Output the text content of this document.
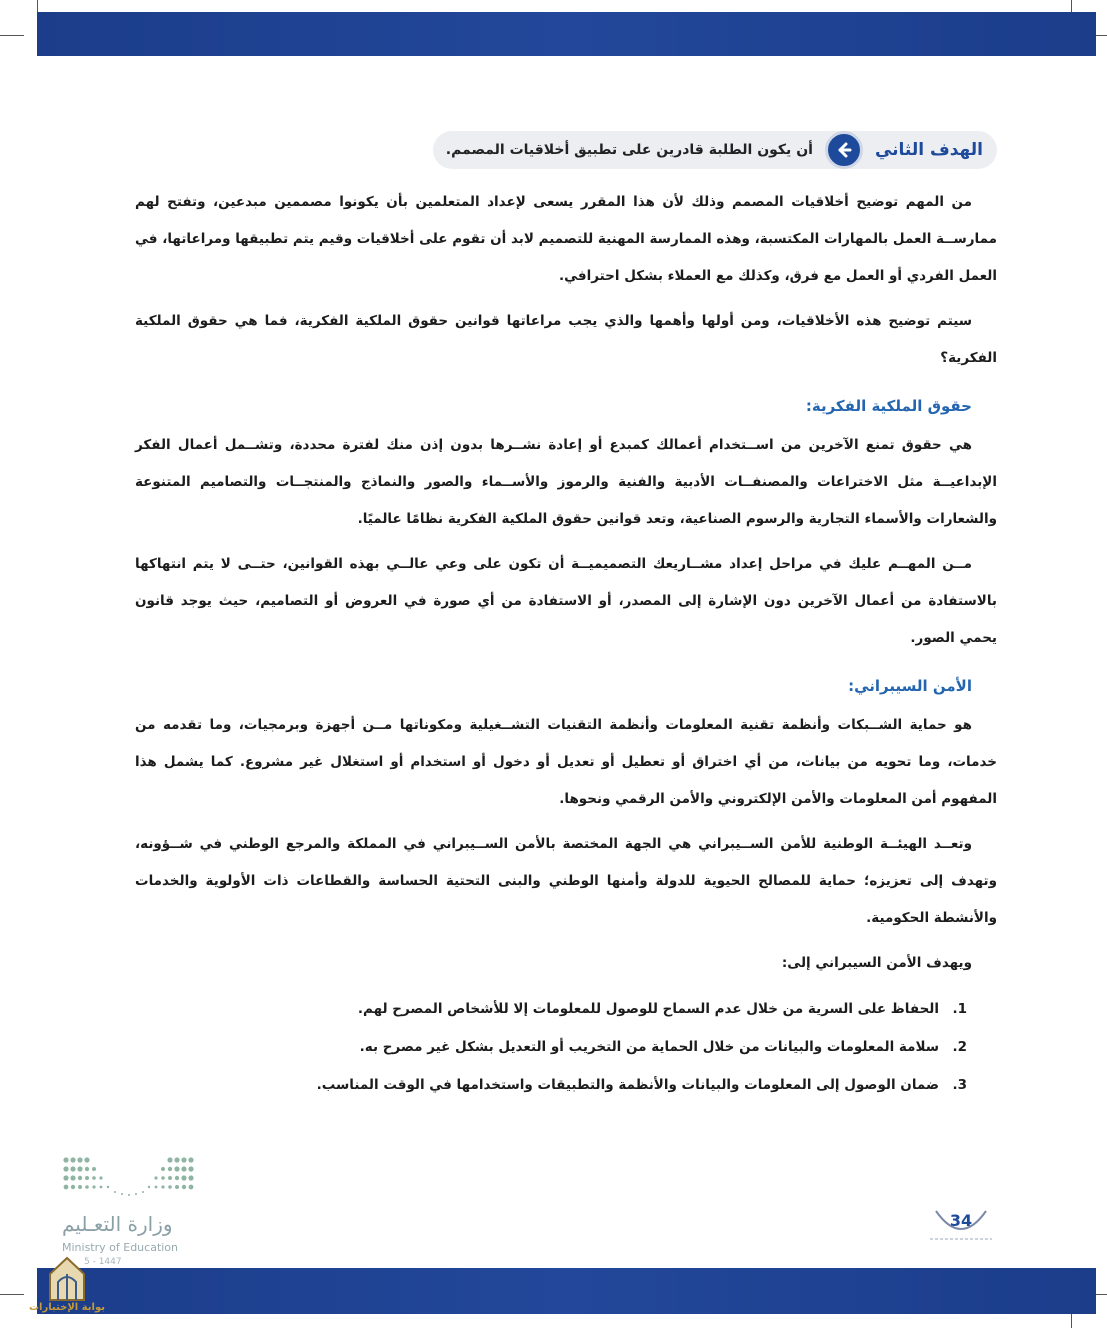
الهدف الثاني
أن يكون الطلبة قادرين على تطبيق أخلاقيات المصمم.

من المهم توضيح أخلاقيات المصمم وذلك لأن هذا المقرر يسعى لإعداد المتعلمين بأن يكونوا مصممين مبدعين، وتفتح لهم ممارســة العمل بالمهارات المكتسبة، وهذه الممارسة المهنية للتصميم لابد أن تقوم على أخلاقيات وقيم يتم تطبيقها ومراعاتها، في العمل الفردي أو العمل مع فرق، وكذلك مع العملاء بشكل احترافي.

سيتم توضيح هذه الأخلاقيات، ومن أولها وأهمها والذي يجب مراعاتها قوانين حقوق الملكية الفكرية، فما هي حقوق الملكية الفكرية؟

حقوق الملكية الفكرية:

هي حقوق تمنع الآخرين من اســتخدام أعمالك كمبدع أو إعادة نشــرها بدون إذن منك لفترة محددة، وتشــمل أعمال الفكر الإبداعيــة مثل الاختراعات والمصنفــات الأدبية والفنية والرموز والأســماء والصور والنماذج والمنتجــات والتصاميم المتنوعة والشعارات والأسماء التجارية والرسوم الصناعية، وتعد قوانين حقوق الملكية الفكرية نظامًا عالميًا.

مــن المهــم عليك في مراحل إعداد مشــاريعك التصميميــة أن تكون على وعي عالــي بهذه القوانين، حتــى لا يتم انتهاكها بالاستفادة من أعمال الآخرين دون الإشارة إلى المصدر، أو الاستفادة من أي صورة في العروض أو التصاميم، حيث يوجد قانون يحمي الصور.

الأمن السيبراني:

هو حماية الشــبكات وأنظمة تقنية المعلومات وأنظمة التقنيات التشــغيلية ومكوناتها مــن أجهزة وبرمجيات، وما تقدمه من خدمات، وما تحويه من بيانات، من أي اختراق أو تعطيل أو تعديل أو دخول أو استخدام أو استغلال غير مشروع. كما يشمل هذا المفهوم أمن المعلومات والأمن الإلكتروني والأمن الرقمي ونحوها.

وتعــد الهيئــة الوطنية للأمن الســيبراني هي الجهة المختصة بالأمن الســيبراني في المملكة والمرجع الوطني في شــؤونه، وتهدف إلى تعزيزه؛ حماية للمصالح الحيوية للدولة وأمنها الوطني والبنى التحتية الحساسة والقطاعات ذات الأولوية والخدمات والأنشطة الحكومية.

ويهدف الأمن السيبراني إلى:

1.الحفاظ على السرية من خلال عدم السماح للوصول للمعلومات إلا للأشخاص المصرح لهم.
2.سلامة المعلومات والبيانات من خلال الحماية من التخريب أو التعديل بشكل غير مصرح به.
3.ضمان الوصول إلى المعلومات والبيانات والأنظمة والتطبيقات واستخدامها في الوقت المناسب.
وزارة التعـليم
Ministry of Education
5 - 1447
34
بوابة الإختبارات
